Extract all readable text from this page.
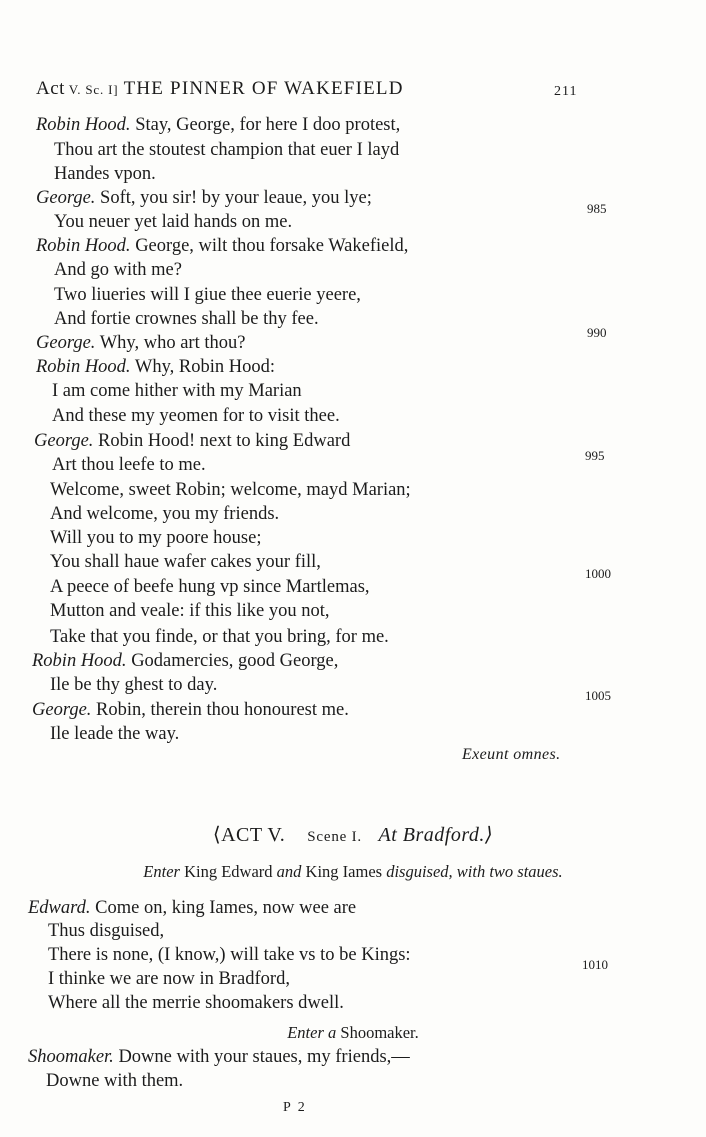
Act V. Sc. I] THE PINNER OF WAKEFIELD	211
Robin Hood. Stay, George, for here I doo protest,
Thou art the stoutest champion that euer I layd
Handes vpon.
George. Soft, you sir! by your leaue, you lye;
You neuer yet laid hands on me.
Robin Hood. George, wilt thou forsake Wakefield,
And go with me?
Two liueries will I giue thee euerie yeere,
And fortie crownes shall be thy fee.
George. Why, who art thou?
Robin Hood. Why, Robin Hood:
I am come hither with my Marian
And these my yeomen for to visit thee.
George. Robin Hood! next to king Edward
Art thou leefe to me.
Welcome, sweet Robin; welcome, mayd Marian;
And welcome, you my friends.
Will you to my poore house;
You shall haue wafer cakes your fill,
A peece of beefe hung vp since Martlemas,
Mutton and veale: if this like you not,
Take that you finde, or that you bring, for me.
Robin Hood. Godamercies, good George,
Ile be thy ghest to day.
George. Robin, therein thou honourest me.
Ile leade the way.
985
990
995
1000
1005
Exeunt omnes.
⟨ACT V. Scene I. At Bradford.⟩
Enter King Edward and King Iames disguised, with two staues.
Edward. Come on, king Iames, now wee are
Thus disguised,
There is none, (I know,) will take vs to be Kings:
I thinke we are now in Bradford,
Where all the merrie shoomakers dwell.
1010
Enter a Shoomaker.
Shoomaker. Downe with your staues, my friends,—
Downe with them.
P 2
